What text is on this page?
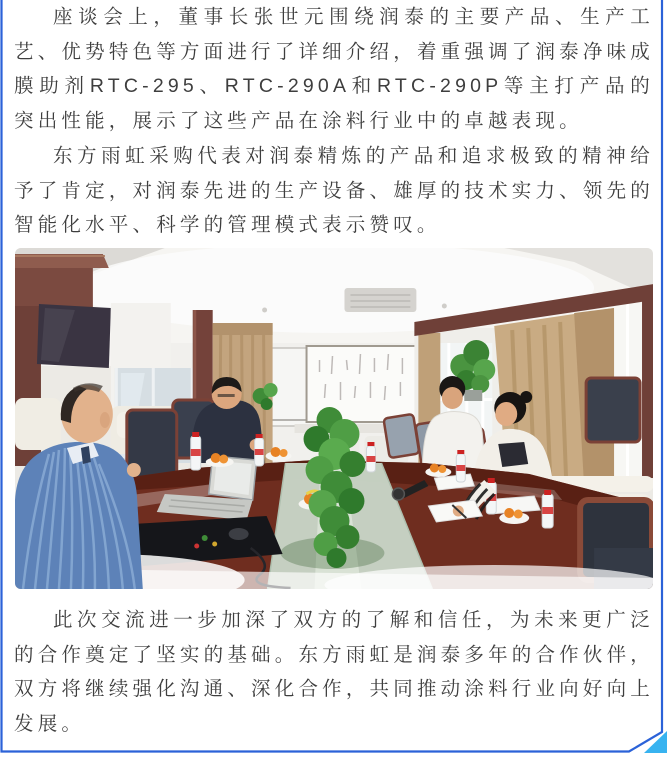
座谈会上，董事长张世元围绕润泰的主要产品、生产工艺、优势特色等方面进行了详细介绍，着重强调了润泰净味成膜助剂RTC-295、RTC-290A和RTC-290P等主打产品的突出性能，展示了这些产品在涂料行业中的卓越表现。

东方雨虹采购代表对润泰精炼的产品和追求极致的精神给予了肯定，对润泰先进的生产设备、雄厚的技术实力、领先的智能化水平、科学的管理模式表示赞叹。

此次交流进一步加深了双方的了解和信任，为未来更广泛的合作奠定了坚实的基础。东方雨虹是润泰多年的合作伙伴，双方将继续强化沟通、深化合作，共同推动涂料行业向好向上发展。
